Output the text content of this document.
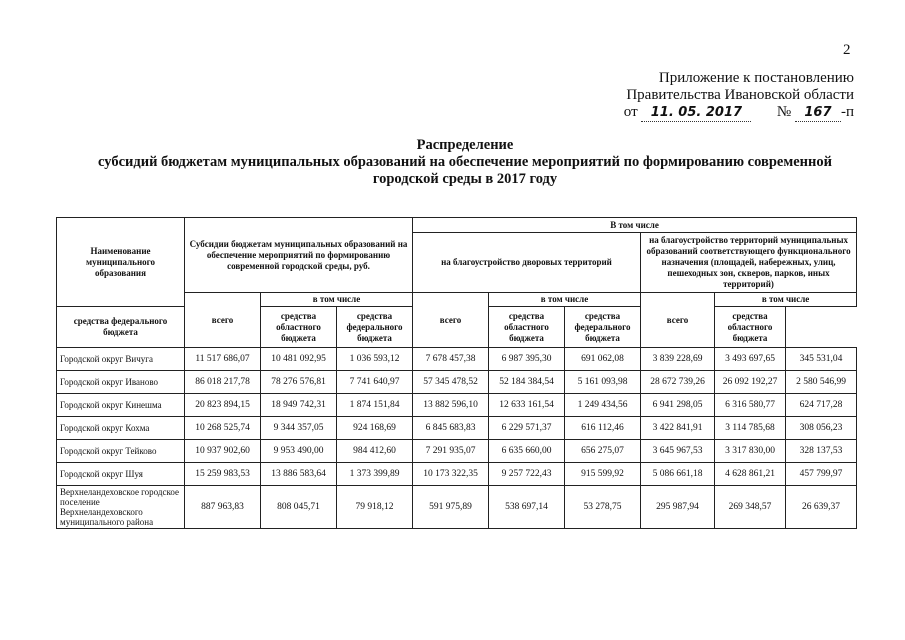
2
Приложение к постановлению
Правительства Ивановской области
от 11. 05. 2017 № 167 -п
Распределение
субсидий бюджетам муниципальных образований на обеспечение мероприятий по формированию современной
городской среды в 2017 году
Наименование муниципального образования	Субсидии бюджетам муниципальных образований на обеспечение мероприятий по формированию современной городской среды, руб.			В том числе					
				на благоустройство дворовых территорий			на благоустройство территорий муниципальных образований соответствующего функционального назначения (площадей, набережных, улиц, пешеходных зон, скверов, парков, иных территорий)		
	всего	в том числе		всего	в том числе		всего	в том числе	
средства федерального бюджета		средства областного бюджета	средства федерального бюджета		средства областного бюджета	средства федерального бюджета		средства областного бюджета	
Городской округ Вичуга	11 517 686,07	10 481 092,95	1 036 593,12	7 678 457,38	6 987 395,30	691 062,08	3 839 228,69	3 493 697,65	345 531,04
Городской округ Иваново	86 018 217,78	78 276 576,81	7 741 640,97	57 345 478,52	52 184 384,54	5 161 093,98	28 672 739,26	26 092 192,27	2 580 546,99
Городской округ Кинешма	20 823 894,15	18 949 742,31	1 874 151,84	13 882 596,10	12 633 161,54	1 249 434,56	6 941 298,05	6 316 580,77	624 717,28
Городской округ Кохма	10 268 525,74	9 344 357,05	924 168,69	6 845 683,83	6 229 571,37	616 112,46	3 422 841,91	3 114 785,68	308 056,23
Городской округ Тейково	10 937 902,60	9 953 490,00	984 412,60	7 291 935,07	6 635 660,00	656 275,07	3 645 967,53	3 317 830,00	328 137,53
Городской округ Шуя	15 259 983,53	13 886 583,64	1 373 399,89	10 173 322,35	9 257 722,43	915 599,92	5 086 661,18	4 628 861,21	457 799,97
Верхнеландеховское городское поселение Верхнеландеховского муниципального района	887 963,83	808 045,71	79 918,12	591 975,89	538 697,14	53 278,75	295 987,94	269 348,57	26 639,37
